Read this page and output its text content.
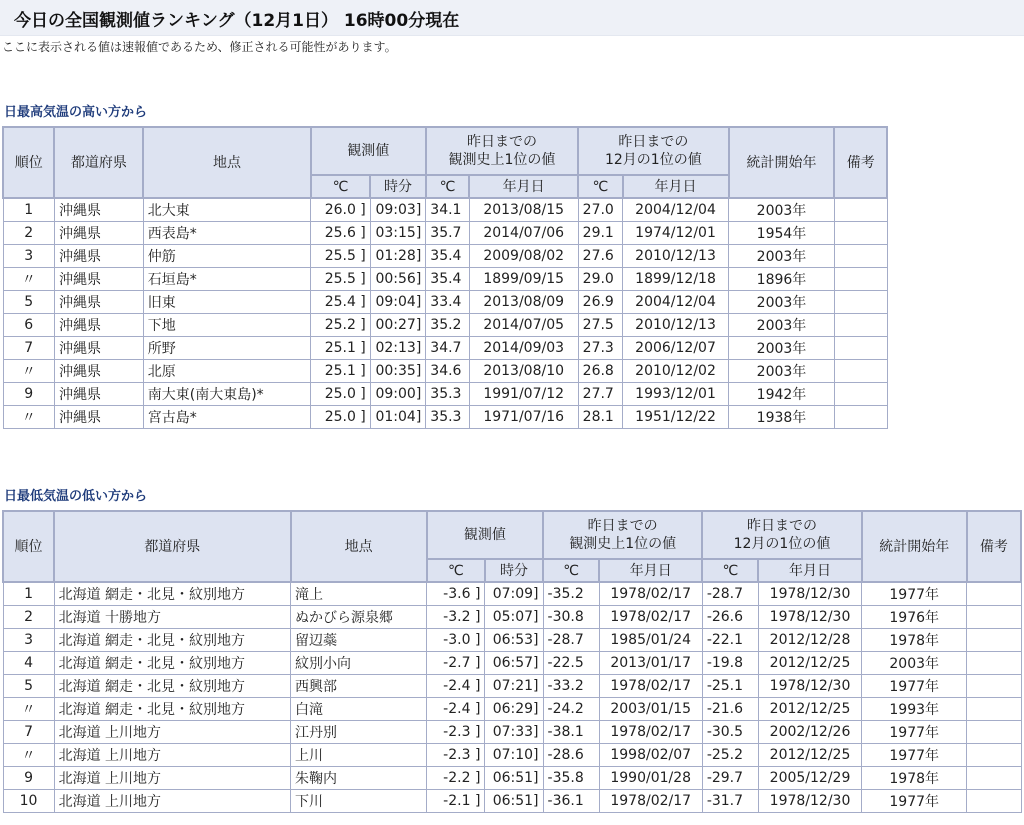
今日の全国観測値ランキング（12月1日） 16時00分現在
ここに表示される値は速報値であるため、修正される可能性があります。
日最高気温の高い方から
順位	都道府県	地点	観測値		昨日までの
観測史上1位の値		昨日までの
12月の1位の値		統計開始年	備考
			℃	時分	℃	年月日	℃	年月日		
1	沖縄県	北大東	26.0 ]	09:03]	34.1	2013/08/15	27.0	2004/12/04	2003年	
2	沖縄県	西表島*	25.6 ]	03:15]	35.7	2014/07/06	29.1	1974/12/01	1954年	
3	沖縄県	仲筋	25.5 ]	01:28]	35.4	2009/08/02	27.6	2010/12/13	2003年	
〃	沖縄県	石垣島*	25.5 ]	00:56]	35.4	1899/09/15	29.0	1899/12/18	1896年	
5	沖縄県	旧東	25.4 ]	09:04]	33.4	2013/08/09	26.9	2004/12/04	2003年	
6	沖縄県	下地	25.2 ]	00:27]	35.2	2014/07/05	27.5	2010/12/13	2003年	
7	沖縄県	所野	25.1 ]	02:13]	34.7	2014/09/03	27.3	2006/12/07	2003年	
〃	沖縄県	北原	25.1 ]	00:35]	34.6	2013/08/10	26.8	2010/12/02	2003年	
9	沖縄県	南大東(南大東島)*	25.0 ]	09:00]	35.3	1991/07/12	27.7	1993/12/01	1942年	
〃	沖縄県	宮古島*	25.0 ]	01:04]	35.3	1971/07/16	28.1	1951/12/22	1938年	
日最低気温の低い方から
順位	都道府県	地点	観測値		昨日までの
観測史上1位の値		昨日までの
12月の1位の値		統計開始年	備考
			℃	時分	℃	年月日	℃	年月日		
1	北海道 網走・北見・紋別地方	滝上	-3.6 ]	07:09]	-35.2	1978/02/17	-28.7	1978/12/30	1977年	
2	北海道 十勝地方	ぬかびら源泉郷	-3.2 ]	05:07]	-30.8	1978/02/17	-26.6	1978/12/30	1976年	
3	北海道 網走・北見・紋別地方	留辺蘂	-3.0 ]	06:53]	-28.7	1985/01/24	-22.1	2012/12/28	1978年	
4	北海道 網走・北見・紋別地方	紋別小向	-2.7 ]	06:57]	-22.5	2013/01/17	-19.8	2012/12/25	2003年	
5	北海道 網走・北見・紋別地方	西興部	-2.4 ]	07:21]	-33.2	1978/02/17	-25.1	1978/12/30	1977年	
〃	北海道 網走・北見・紋別地方	白滝	-2.4 ]	06:29]	-24.2	2003/01/15	-21.6	2012/12/25	1993年	
7	北海道 上川地方	江丹別	-2.3 ]	07:33]	-38.1	1978/02/17	-30.5	2002/12/26	1977年	
〃	北海道 上川地方	上川	-2.3 ]	07:10]	-28.6	1998/02/07	-25.2	2012/12/25	1977年	
9	北海道 上川地方	朱鞠内	-2.2 ]	06:51]	-35.8	1990/01/28	-29.7	2005/12/29	1978年	
10	北海道 上川地方	下川	-2.1 ]	06:51]	-36.1	1978/02/17	-31.7	1978/12/30	1977年	
